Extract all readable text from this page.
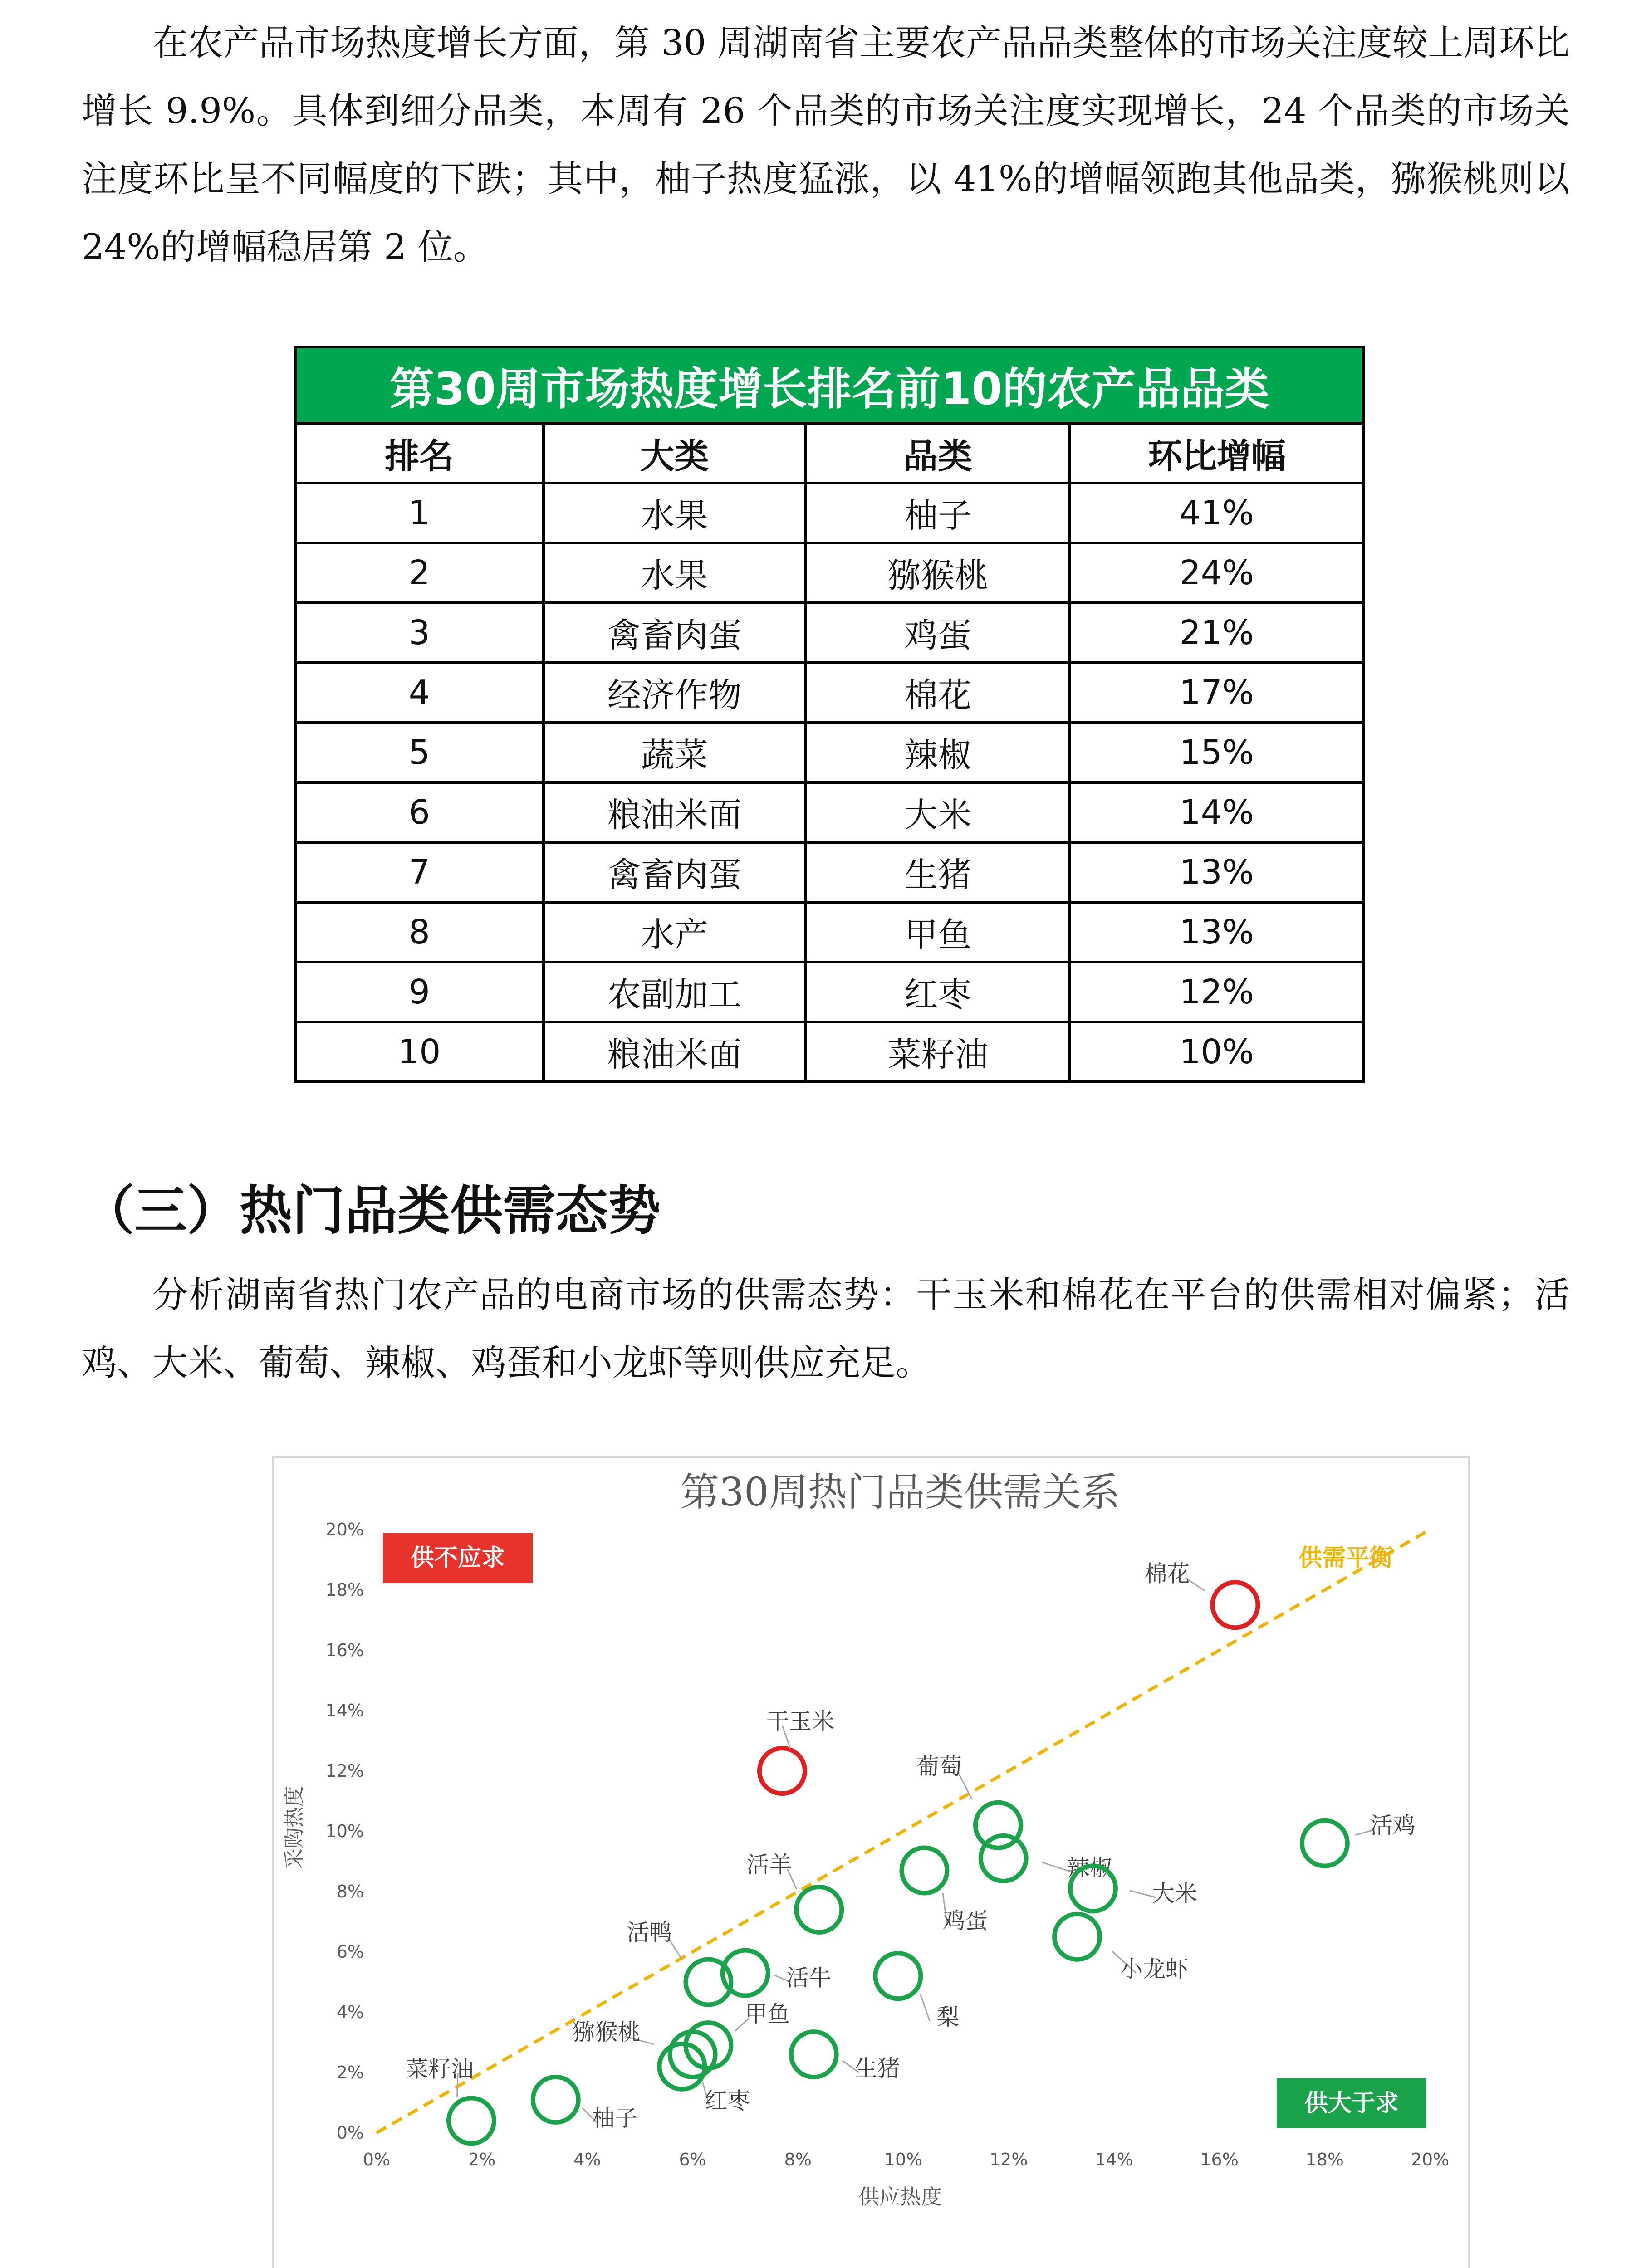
在农产品市场热度增长方面，第 30 周湖南省主要农产品品类整体的市场关注度较上周环比增长 9.9%。具体到细分品类，本周有 26 个品类的市场关注度实现增长，24 个品类的市场关注度环比呈不同幅度的下跌；其中，柚子热度猛涨，以 41%的增幅领跑其他品类，猕猴桃则以 24%的增幅稳居第 2 位。

第30周市场热度增长排名前10的农产品品类			
排名	大类	品类	环比增幅
1	水果	柚子	41%
2	水果	猕猴桃	24%
3	禽畜肉蛋	鸡蛋	21%
4	经济作物	棉花	17%
5	蔬菜	辣椒	15%
6	粮油米面	大米	14%
7	禽畜肉蛋	生猪	13%
8	水产	甲鱼	13%
9	农副加工	红枣	12%
10	粮油米面	菜籽油	10%
（三）热门品类供需态势

分析湖南省热门农产品的电商市场的供需态势：干玉米和棉花在平台的供需相对偏紧；活鸡、大米、葡萄、辣椒、鸡蛋和小龙虾等则供应充足。

第30周热门品类供需关系
采购热度
供应热度
0%	2%	4%	6%	8%	10%	12%	14%	16%	18%	20%
0%
2%
4%
6%
8%
10%
12%
14%
16%
18%
20%
供需平衡
供不应求
供大于求
棉花
干玉米
葡萄
辣椒
活鸡
大米
鸡蛋
活羊
小龙虾
活鸭
活牛
梨
甲鱼
猕猴桃
红枣
生猪
柚子
菜籽油
